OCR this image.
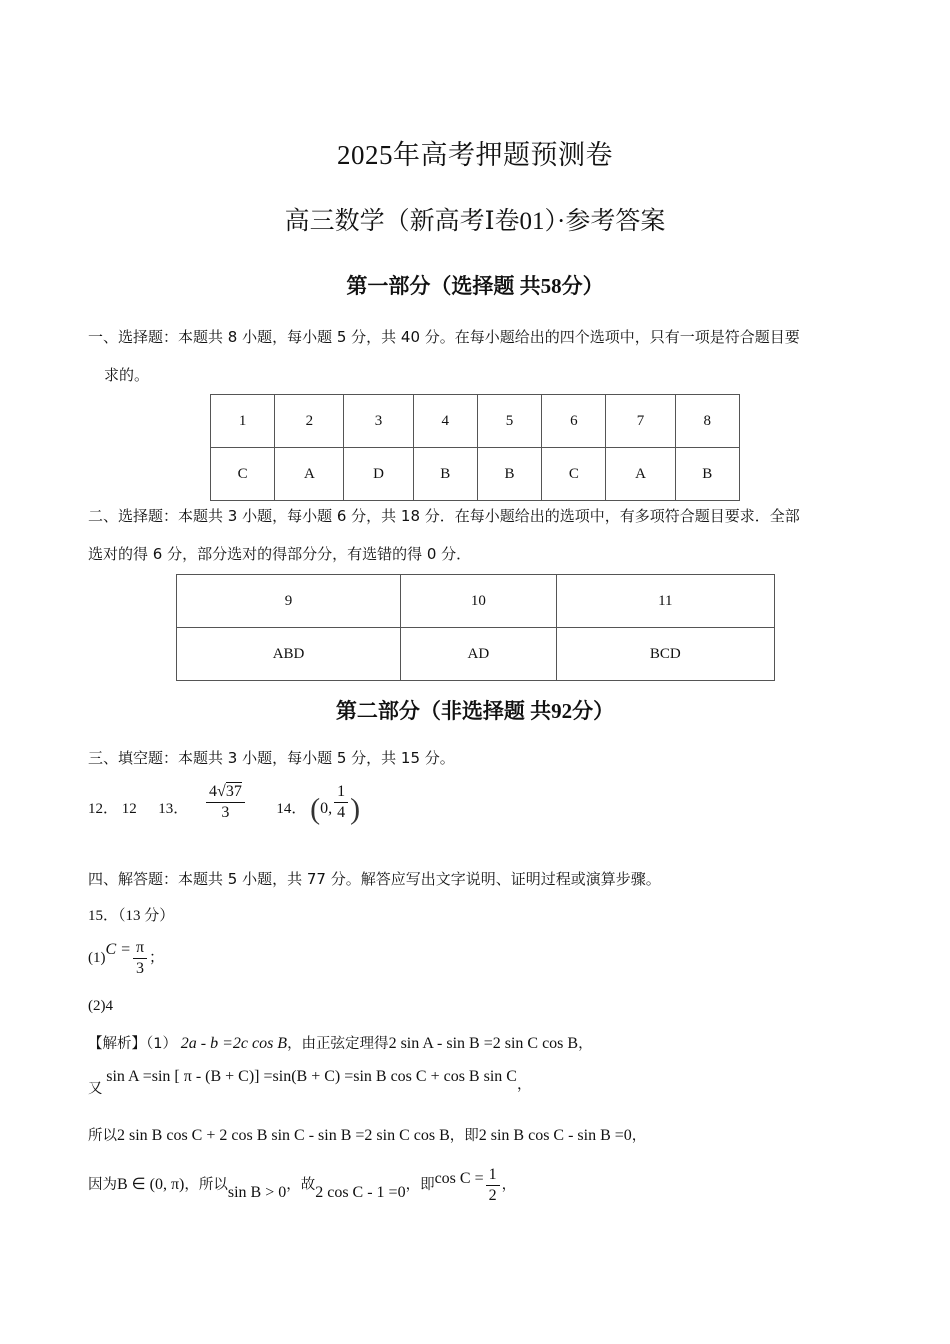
2025年高考押题预测卷
高三数学（新高考Ⅰ卷01）·参考答案
第一部分（选择题 共58分）
一、选择题：本题共 8 小题，每小题 5 分，共 40 分。在每小题给出的四个选项中，只有一项是符合题目要
求的。
1	2	3	4	5	6	7	8
C	A	D	B	B	C	A	B
二、选择题：本题共 3 小题，每小题 6 分，共 18 分．在每小题给出的选项中，有多项符合题目要求．全部
选对的得 6 分，部分选对的得部分分，有选错的得 0 分．
9	10	11
ABD	AD	BCD
第二部分（非选择题 共92分）
三、填空题：本题共 3 小题，每小题 5 分，共 15 分。
12． 12 13． $\frac{4√37}{3} 14$． (0, $\frac{1}{4}$ )
四、解答题：本题共 5 小题，共 77 分。解答应写出文字说明、证明过程或演算步骤。
15．（13 分）
$(1)C = \frac{\pi}{3}$ ；
(2)4
【解析】（1） 2a - b =2c cos B，由正弦定理得2 sin A - sin B =2 sin C cos B，
又 sin A =sin [ π - (B + C)] =sin(B + C) =sin B cos C + cos B sin C，
所以2 sin B cos C + 2 cos B sin C - sin B =2 sin C cos B，即2 sin B cos C - sin B =0，
因为B ∈ (0, π)，所以sin B > 0，故2 cos C - 1 =0，即$\cos C = \frac{1}{2}$ ，
